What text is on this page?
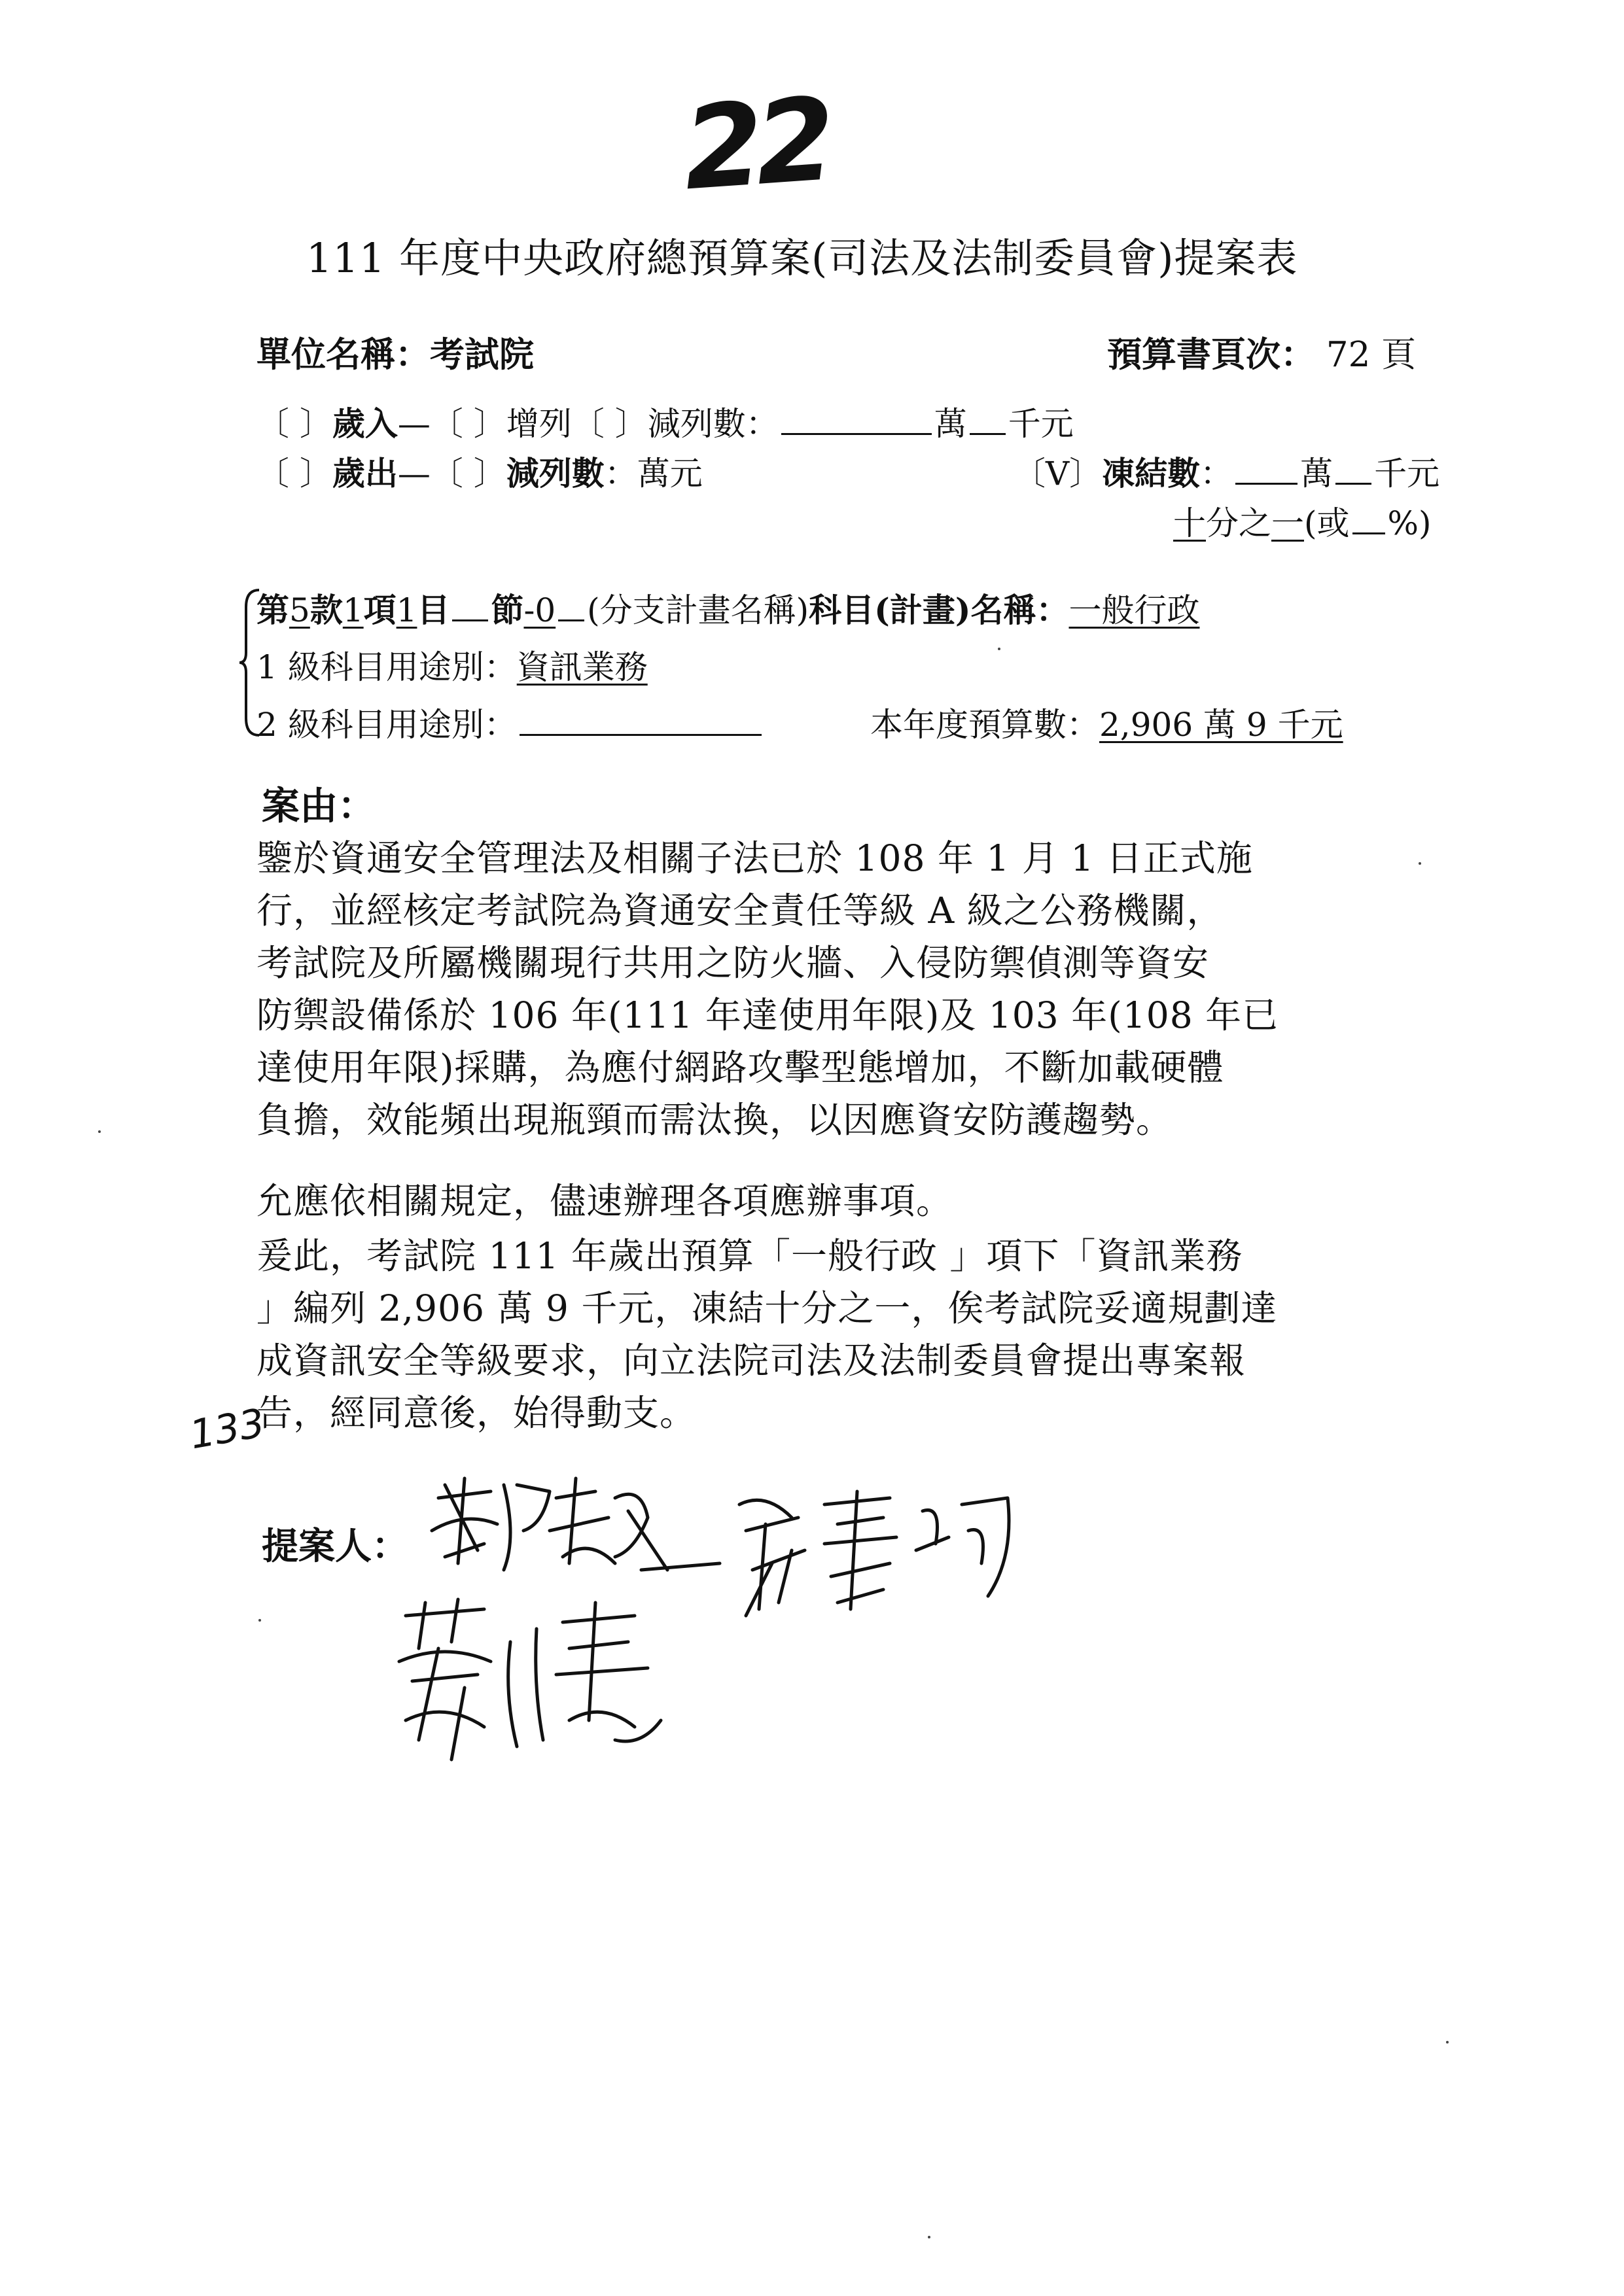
22
111 年度中央政府總預算案(司法及法制委員會)提案表
單位名稱：考試院	預算書頁次： 72 頁
〔 〕歲入—〔 〕增列〔 〕減列數：	萬 千元
〔 〕歲出—〔 〕減列數：萬元	〔V〕凍結數： 萬 千元
十分之一(或 %)
第5款1項1目 節-0 (分支計畫名稱)科目(計畫)名稱：一般行政
1 級科目用途別：資訊業務
2 級科目用途別：	本年度預算數：2,906 萬 9 千元
案由：
鑒於資通安全管理法及相關子法已於 108 年 1 月 1 日正式施
行，並經核定考試院為資通安全責任等級 A 級之公務機關，
考試院及所屬機關現行共用之防火牆、入侵防禦偵測等資安
防禦設備係於 106 年(111 年達使用年限)及 103 年(108 年已
達使用年限)採購，為應付網路攻擊型態增加，不斷加載硬體
負擔，效能頻出現瓶頸而需汰換，以因應資安防護趨勢。
允應依相關規定，儘速辦理各項應辦事項。
爰此，考試院 111 年歲出預算「一般行政 」項下「資訊業務
」編列 2,906 萬 9 千元，凍結十分之一，俟考試院妥適規劃達
成資訊安全等級要求，向立法院司法及法制委員會提出專案報
告，經同意後，始得動支。
133
提案人：
